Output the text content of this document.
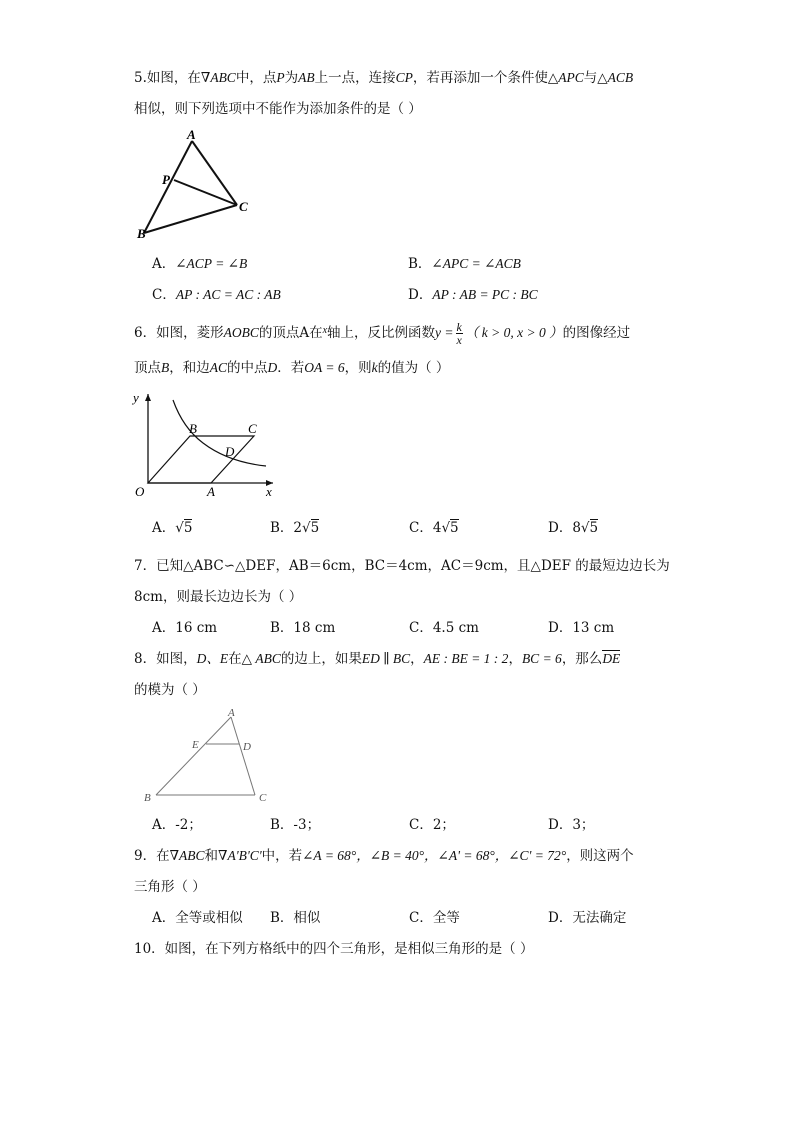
5.如图，在∇ABC中，点P为AB上一点，连接CP，若再添加一个条件使△APC与△ACB
相似，则下列选项中不能作为添加条件的是（ ）
A
P
C
B
A．∠ACP = ∠B	B．∠APC = ∠ACB
C．AP : AC = AC : AB	D．AP : AB = PC : BC
6．如图，菱形AOBC的顶点A在$^x$轴上，反比例函数$y = \frac{k}{x}$ （ k > 0, x > 0 ）的图像经过
顶点B，和边AC的中点D．若OA = 6，则k的值为（ ）
y
x
O	A
B	C
D
A．√5	B．2√5	C．4√5	D．8√5
7．已知△ABC∽△DEF，AB＝6cm，BC＝4cm，AC＝9cm，且△DEF 的最短边边长为
8cm，则最长边边长为（ ）
A．16 cm	B．18 cm	C．4.5 cm	D．13 cm
8．如图，D、E在△ ABC的边上，如果ED ∥ BC，AE : BE = 1 : 2，BC = 6，那么DE
的模为（ ）
A
E	D
B	C
A．-2；	B．-3；	C．2；	D．3；
9．在∇ABC和∇A'B'C'中，若∠A = 68°，∠B = 40°，∠A' = 68°，∠C' = 72°，则这两个
三角形（ ）
A．全等或相似 B．相似	C．全等	D．无法确定
10．如图，在下列方格纸中的四个三角形，是相似三角形的是（ ）
